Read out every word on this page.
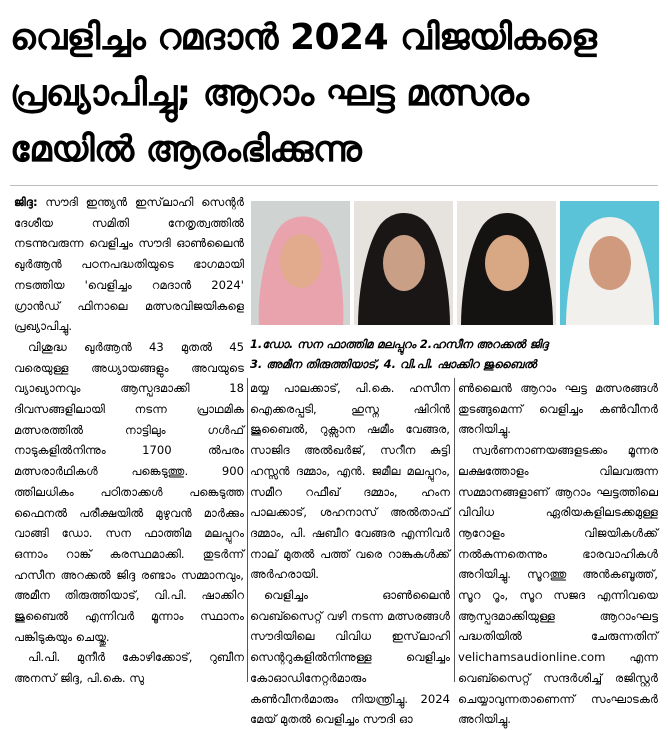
വെളിച്ചം റമദാൻ 2024 വിജയികളെ
പ്രഖ്യാപിച്ചു; ആറാം ഘട്ട മത്സരം
മേയിൽ ആരംഭിക്കുന്നു

ജിദ്ദ: സൗദി ഇന്ത്യൻ ഇസ്‌ലാഹി സെന്റർ ദേശീയ സമിതി നേതൃത്വത്തിൽ നടന്നുവരുന്ന വെളിച്ചം സൗദി ഓൺലൈൻ ഖുർആൻ പഠനപദ്ധതിയുടെ ഭാഗമായി നടത്തിയ 'വെളിച്ചം റമദാൻ 2024' ഗ്രാൻഡ് ഫിനാലെ മത്സരവിജയികളെ പ്രഖ്യാപിച്ചു.

വിശുദ്ധ ഖുർആൻ 43 മുതൽ 45 വരെയുള്ള അധ്യായങ്ങളും അവയുടെ വ്യാഖ്യാനവും ആസ്പദമാക്കി 18 ദിവസങ്ങളിലായി നടന്ന പ്രാഥമിക മത്സരത്തിൽ നാട്ടിലും ഗൾഫ് നാടുകളിൽനിന്നും 1700 ൽപരം മത്സരാർഥികൾ പങ്കെടുത്തു. 900 ത്തിലധികം പഠിതാക്കൾ പങ്കെടുത്ത ഫൈനൽ പരീക്ഷയിൽ മുഴുവൻ മാർക്കും വാങ്ങി ഡോ. സന ഫാത്തിമ മലപ്പുറം ഒന്നാം റാങ്ക് കരസ്ഥമാക്കി. തുടർന്ന് ഹസീന അറക്കൽ ജിദ്ദ രണ്ടാം സമ്മാനവും, അമീന തിരുത്തിയാട്, വി.പി. ഷാക്കിറ ജുബൈൽ എന്നിവർ മൂന്നാം സ്ഥാനം പങ്കിടുകയും ചെയ്തു.

പി.പി. മുനീർ കോഴിക്കോട്, റുബീന അനസ് ജിദ്ദ, പി.കെ. സു

1.ഡോ. സന ഫാത്തിമ മലപ്പുറം 2.ഹസീന അറക്കൽ ജിദ്ദ

3. അമീന തിരുത്തിയാട്, 4. വി.പി. ഷാക്കിറ ജുബൈൽ

മയ്യ പാലക്കാട്, പി.കെ. ഹസീന ഐക്കരപ്പടി, ഹുസ്ന ഷിറിൻ ജുബൈൽ, റുക്സാന ഷമീം വേങ്ങര, സാജിദ അൽഖർജ്, സറീന കുട്ടി ഹസ്സൻ ദമ്മാം, എൻ. ജമീല മലപ്പുറം, സമീറ റഫീഖ് ദമ്മാം, ഹംന പാലക്കാട്, ശഹനാസ് അൽതാഫ് ദമ്മാം, പി. ഷബീറ വേങ്ങര എന്നിവർ നാല് മുതൽ പത്ത് വരെ റാങ്കുകൾക്ക് അർഹരായി.

വെളിച്ചം ഓൺലൈൻ വെബ്സൈറ്റ് വഴി നടന്ന മത്സരങ്ങൾ സൗദിയിലെ വിവിധ ഇസ്‌ലാഹി സെന്ററുകളിൽനിന്നുള്ള വെളിച്ചം കോഓഡിനേറ്റർമാരും കൺവീനർമാരും നിയന്ത്രിച്ചു. 2024 മേയ് മുതൽ വെളിച്ചം സൗദി ഓ

ൺലൈൻ ആറാം ഘട്ട മത്സരങ്ങൾ തുടങ്ങുമെന്ന് വെളിച്ചം കൺവീനർ അറിയിച്ചു.

സ്വർണനാണയങ്ങളടക്കം മൂന്നര ലക്ഷത്തോളം വിലവരുന്ന സമ്മാനങ്ങളാണ് ആറാം ഘട്ടത്തിലെ വിവിധ ഏരിയകളിലടക്കമുള്ള നൂറോളം വിജയികൾക്ക് നൽകുന്നതെന്നും ഭാരവാഹികൾ അറിയിച്ചു. സൂറത്തു അൻകബൂത്ത്, സൂറ റൂം, സൂറ സജദ എന്നിവയെ ആസ്പദമാക്കിയുള്ള ആറാംഘട്ട പദ്ധതിയിൽ ചേരുന്നതിന് velichamsaudionline.com എന്ന വെബ്സൈറ്റ് സന്ദർശിച്ച് രജിസ്റ്റർ ചെയ്യാവുന്നതാണെന്ന് സംഘാടകർ അറിയിച്ചു.
